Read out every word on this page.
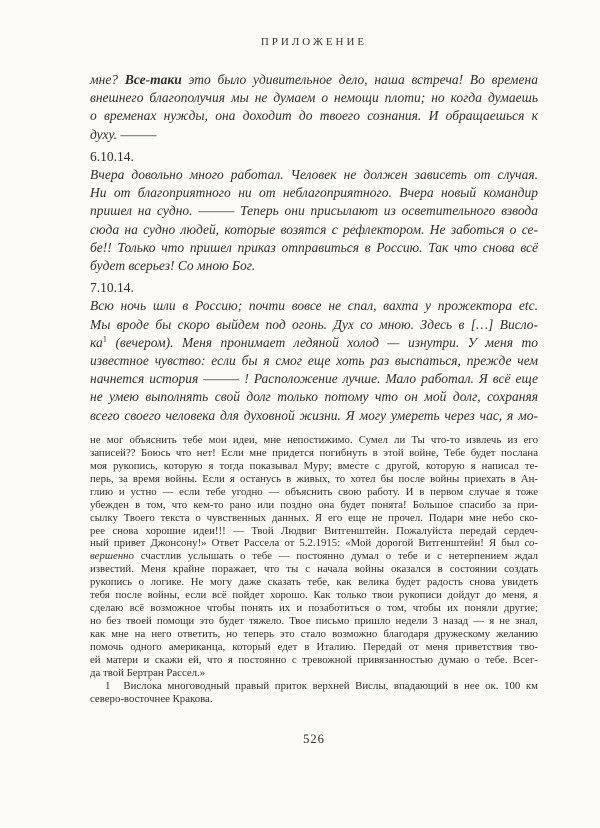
ПРИЛОЖЕНИЕ
мне? Все-таки это было удивительное дело, наша встреча! Во времена
внешнего благополучия мы не думаем о немощи плоти; но когда думаешь
о временах нужды, она доходит до твоего сознания. И обращаешься к
духу. ———
6.10.14.
Вчера довольно много работал. Человек не должен зависеть от случая.
Ни от благоприятного ни от неблагоприятного. Вчера новый командир
пришел на судно. ——— Теперь они присылают из осветительного взвода
сюда на судно людей, которые возятся с рефлектором. Не заботься о се-
бе!! Только что пришел приказ отправиться в Россию. Так что снова всё
будет всерьез! Со мною Бог.
7.10.14.
Всю ночь шли в Россию; почти вовсе не спал, вахта у прожектора etc.
Мы вроде бы скоро выйдем под огонь. Дух со мною. Здесь в […] Висло-
$ка^1$ (вечером). Меня пронимает ледяной холод — изнутри. У меня то
известное чувство: если бы я смог еще хоть раз выспаться, прежде чем
начнется история ——— ! Расположение лучше. Мало работал. Я всё еще
не умею выполнять свой долг только потому что он мой долг, сохраняя
всего своего человека для духовной жизни. Я могу умереть через час, я мо-
не мог объяснить тебе мои идеи, мне непостижимо. Сумел ли Ты что-то извлечь из его
записей?? Боюсь что нет! Если мне придется погибнуть в этой войне, Тебе будет послана
моя рукопись, которую я тогда показывал Муру; вместе с другой, которую я написал те-
перь, за время войны. Если я останусь в живых, то хотел бы после войны приехать в Ан-
глию и устно — если тебе угодно — объяснить свою работу. И в первом случае я тоже
убежден в том, что кем-то рано или поздно она будет понята! Большое спасибо за при-
сылку Твоего текста о чувственных данных. Я его еще не прочел. Подари мне небо ско-
рее снова хорошие идеи!!! — Твой Людвиг Витгенштейн. Пожалуйста передай сердеч-
ный привет Джонсону!» Ответ Рассела от 5.2.1915: «Мой дорогой Витгенштейн! Я был со-
вершенно счастлив услышать о тебе — постоянно думал о тебе и с нетерпением ждал
известий. Меня крайне поражает, что ты с начала войны оказался в состоянии создать
рукопись о логике. Не могу даже сказать тебе, как велика будет радость снова увидеть
тебя после войны, если всё пойдет хорошо. Как только твои рукописи дойдут до меня, я
сделаю всё возможное чтобы понять их и позаботиться о том, чтобы их поняли другие;
но без твоей помощи это будет тяжело. Твое письмо пришло недели 3 назад — я не знал,
как мне на него ответить, но теперь это стало возможно благодаря дружескому желанию
помочь одного американца, который едет в Италию. Передай от меня приветствия тво-
ей матери и скажи ей, что я постоянно с тревожной привязанностью думаю о тебе. Всег-
да твой Бертран Рассел.»
1 Висло́ка многоводный правый приток верхней Вислы, впадающий в нее ок. 100 км
северо-восточнее Кракова.
526
